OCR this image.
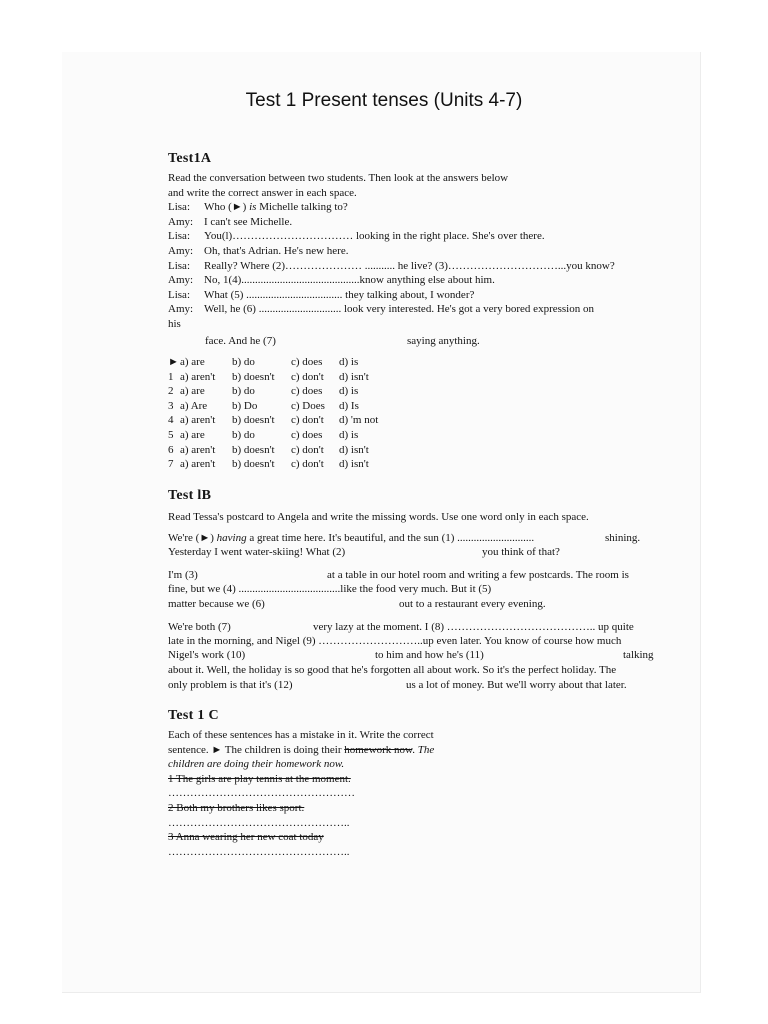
Test 1 Present tenses (Units 4-7)
Test1A

Read the conversation between two students. Then look at the answers below

and write the correct answer in each space.

Lisa: Who (►) is Michelle talking to?

Amy: I can't see Michelle.

Lisa: You(l)…………………………… looking in the right place. She's over there.

Amy: Oh, that's Adrian. He's new here.

Lisa: Really? Where (2)………………… ........... he live? (3)…………………………...you know?

Amy: No, 1(4)...........................................know anything else about him.

Lisa: What (5) ................................... they talking about, I wonder?

Amy: Well, he (6) .............................. look very interested. He's got a very bored expression on

his

face. And he (7)	saying anything.
►	a) are	b) do	c) does	d) is
1	a) aren't	b) doesn't	c) don't	d) isn't
2	a) are	b) do	c) does	d) is
3	a) Are	b) Do	c) Does	d) Is
4	a) aren't	b) doesn't	c) don't	d) 'm not
5	a) are	b) do	c) does	d) is
6	a) aren't	b) doesn't	c) don't	d) isn't
7	a) aren't	b) doesn't	c) don't	d) isn't
Test lB
Read Tessa's postcard to Angela and write the missing words. Use one word only in each space.
We're (►) having a great time here. It's beautiful, and the sun (1) ............................	shining.
Yesterday I went water-skiing! What (2)	you think of that?
I'm (3)	at a table in our hotel room and writing a few postcards. The room is
fine, but we (4) .....................................like the food very much. But it (5)
matter because we (6)	out to a restaurant every evening.
We're both (7)	very lazy at the moment. I (8) ………………………………….. up quite
late in the morning, and Nigel (9) ………………………..up even later. You know of course how much
Nigel's work (10)	to him and how he's (11)	talking
about it. Well, the holiday is so good that he's forgotten all about work. So it's the perfect holiday. The
only problem is that it's (12)	us a lot of money. But we'll worry about that later.
Test 1 C

Each of these sentences has a mistake in it. Write the correct

sentence. ► The children is doing their homework now. The

children are doing their homework now.

1 The girls are play tennis at the moment.

……………………………………………

2 Both my brothers likes sport.

…………………………………………..

3 Anna wearing her new coat today

…………………………………………..
